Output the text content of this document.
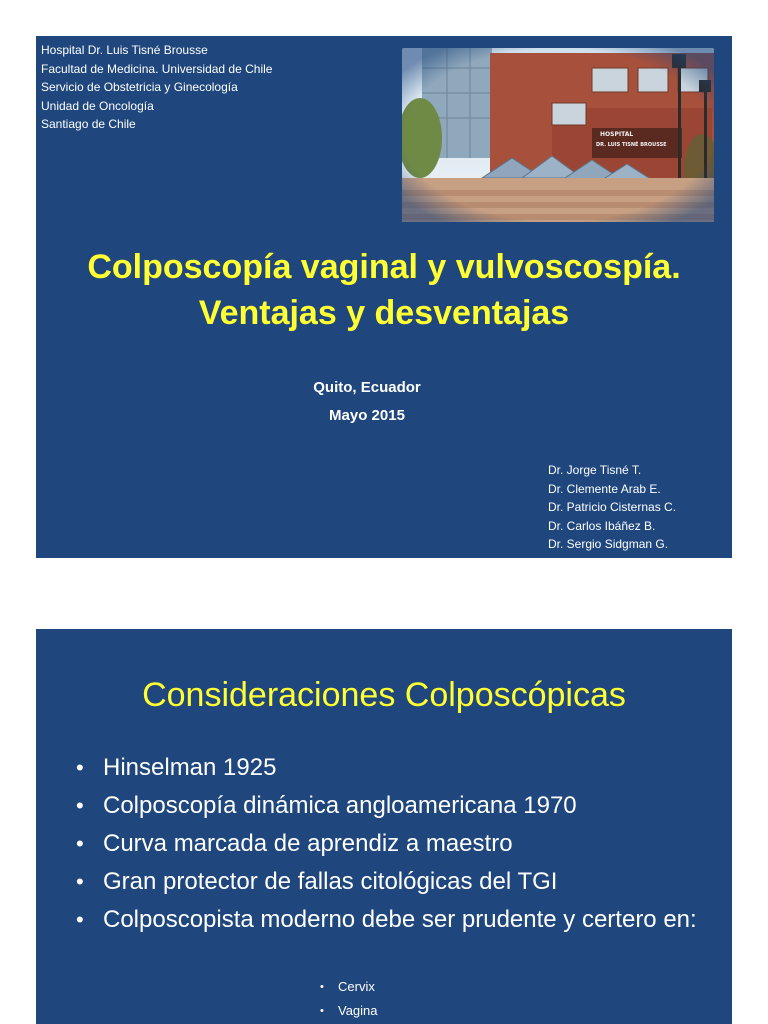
Hospital Dr. Luis Tisné Brousse
Facultad de Medicina. Universidad de Chile
Servicio de Obstetricia y Ginecología
Unidad de Oncología
Santiago de Chile
Colposcopía vaginal y vulvoscospía.
Ventajas y desventajas
Quito, Ecuador
Mayo 2015
Dr. Jorge Tisné T.
Dr. Clemente Arab E.
Dr. Patricio Cisternas C.
Dr. Carlos Ibáñez B.
Dr. Sergio Sidgman G.
Consideraciones Colposcópicas
• Hinselman 1925
• Colposcopía dinámica angloamericana 1970
• Curva marcada de aprendiz a maestro
• Gran protector de fallas citológicas del TGI
• Colposcopista moderno debe ser prudente y certero en:
• Cervix
• Vagina
